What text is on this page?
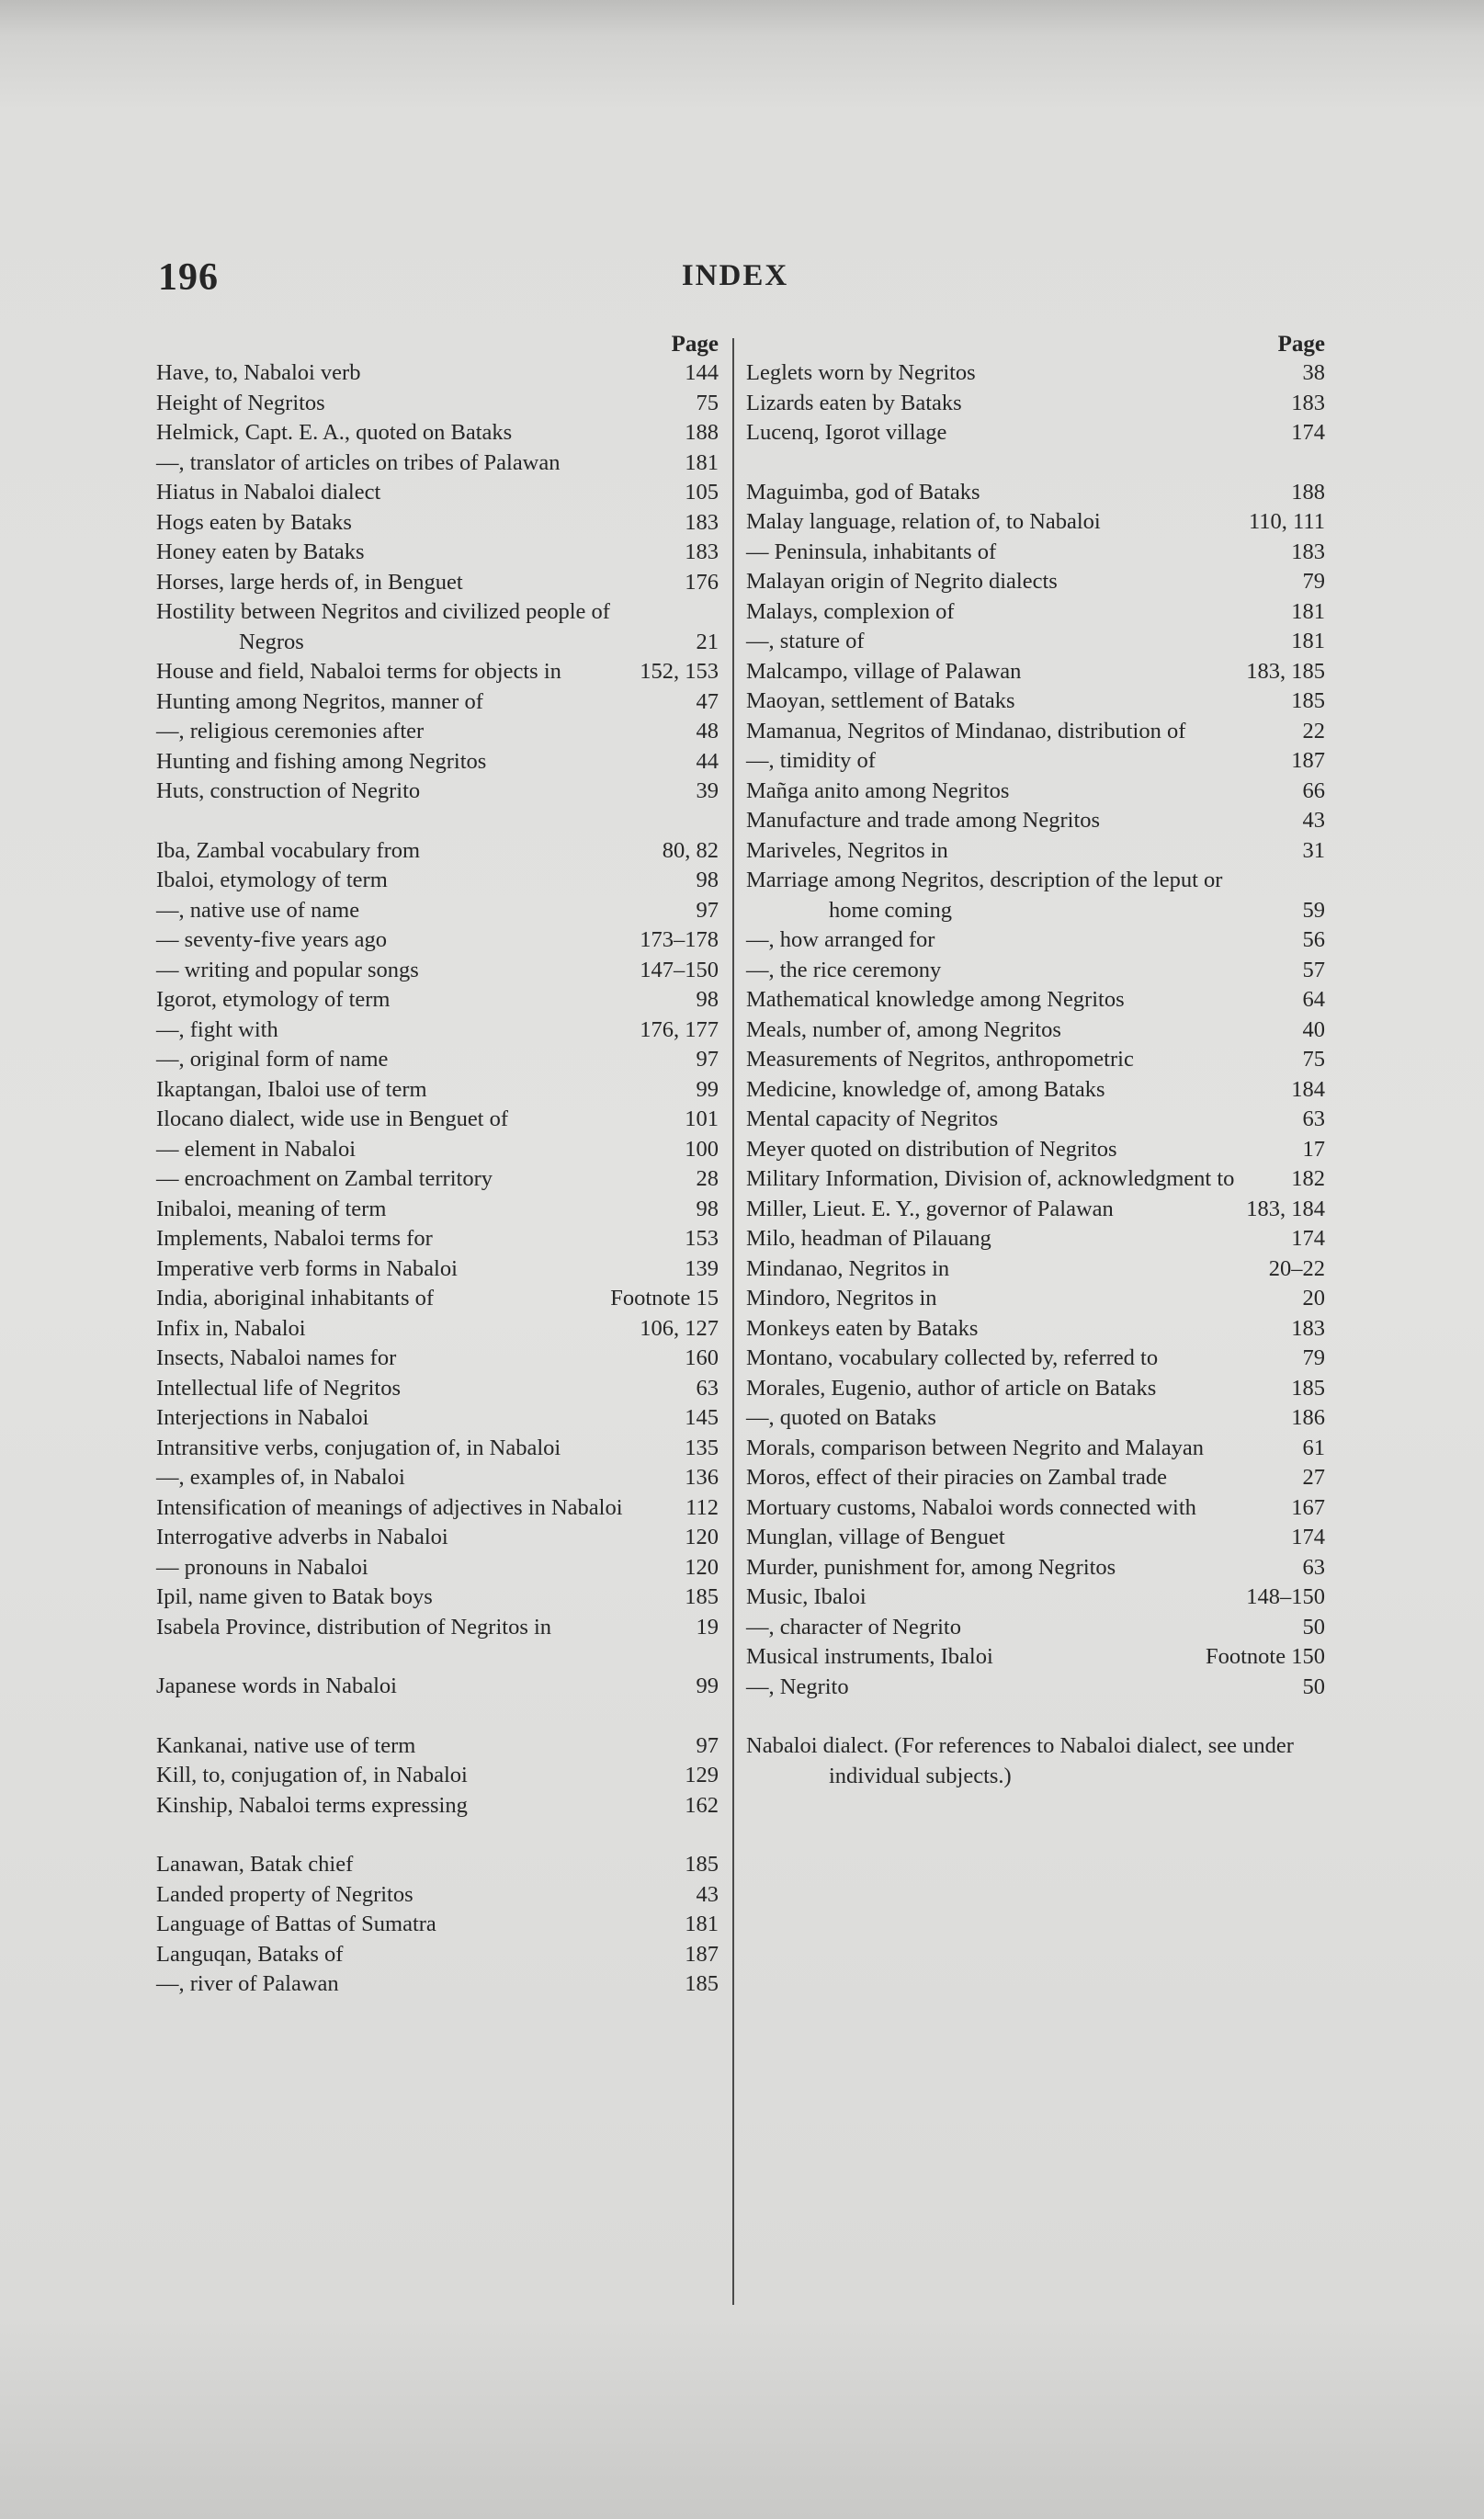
196	INDEX
Page
Have, to, Nabaloi verb	144
Height of Negritos	75
Helmick, Capt. E. A., quoted on Bataks	188
—, translator of articles on tribes of Palawan	181
Hiatus in Nabaloi dialect	105
Hogs eaten by Bataks	183
Honey eaten by Bataks	183
Horses, large herds of, in Benguet	176
Hostility between Negritos and civilized people of Negros	21
House and field, Nabaloi terms for objects in	152, 153
Hunting among Negritos, manner of	47
—, religious ceremonies after	48
Hunting and fishing among Negritos	44
Huts, construction of Negrito	39
Iba, Zambal vocabulary from	80, 82
Ibaloi, etymology of term	98
—, native use of name	97
— seventy-five years ago	173–178
— writing and popular songs	147–150
Igorot, etymology of term	98
—, fight with	176, 177
—, original form of name	97
Ikaptangan, Ibaloi use of term	99
Ilocano dialect, wide use in Benguet of	101
— element in Nabaloi	100
— encroachment on Zambal territory	28
Inibaloi, meaning of term	98
Implements, Nabaloi terms for	153
Imperative verb forms in Nabaloi	139
India, aboriginal inhabitants of	Footnote 15
Infix in, Nabaloi	106, 127
Insects, Nabaloi names for	160
Intellectual life of Negritos	63
Interjections in Nabaloi	145
Intransitive verbs, conjugation of, in Nabaloi	135
—, examples of, in Nabaloi	136
Intensification of meanings of adjectives in Nabaloi	112
Interrogative adverbs in Nabaloi	120
— pronouns in Nabaloi	120
Ipil, name given to Batak boys	185
Isabela Province, distribution of Negritos in	19
Japanese words in Nabaloi	99
Kankanai, native use of term	97
Kill, to, conjugation of, in Nabaloi	129
Kinship, Nabaloi terms expressing	162
Lanawan, Batak chief	185
Landed property of Negritos	43
Language of Battas of Sumatra	181
Languqan, Bataks of	187
—, river of Palawan	185
Page
Leglets worn by Negritos	38
Lizards eaten by Bataks	183
Lucenq, Igorot village	174
Maguimba, god of Bataks	188
Malay language, relation of, to Nabaloi	110, 111
— Peninsula, inhabitants of	183
Malayan origin of Negrito dialects	79
Malays, complexion of	181
—, stature of	181
Malcampo, village of Palawan	183, 185
Maoyan, settlement of Bataks	185
Mamanua, Negritos of Mindanao, distribution of	22
—, timidity of	187
Mañga anito among Negritos	66
Manufacture and trade among Negritos	43
Mariveles, Negritos in	31
Marriage among Negritos, description of the leput or home coming	59
—, how arranged for	56
—, the rice ceremony	57
Mathematical knowledge among Negritos	64
Meals, number of, among Negritos	40
Measurements of Negritos, anthropometric	75
Medicine, knowledge of, among Bataks	184
Mental capacity of Negritos	63
Meyer quoted on distribution of Negritos	17
Military Information, Division of, acknowledgment to	182
Miller, Lieut. E. Y., governor of Palawan	183, 184
Milo, headman of Pilauang	174
Mindanao, Negritos in	20–22
Mindoro, Negritos in	20
Monkeys eaten by Bataks	183
Montano, vocabulary collected by, referred to	79
Morales, Eugenio, author of article on Bataks	185
—, quoted on Bataks	186
Morals, comparison between Negrito and Malayan	61
Moros, effect of their piracies on Zambal trade	27
Mortuary customs, Nabaloi words connected with	167
Munglan, village of Benguet	174
Murder, punishment for, among Negritos	63
Music, Ibaloi	148–150
—, character of Negrito	50
Musical instruments, Ibaloi	Footnote 150
—, Negrito	50
Nabaloi dialect. (For references to Nabaloi dialect, see under individual subjects.)
